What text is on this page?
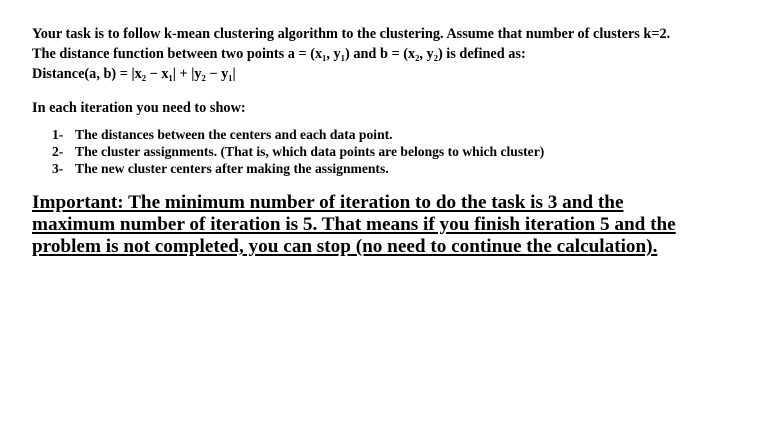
Your task is to follow k-mean clustering algorithm to the clustering. Assume that number of clusters k=2.
The distance function between two points a = (x₁, y₁) and b = (x₂, y₂) is defined as:
Distance(a, b) = |x₂ − x₁| + |y₂ − y₁|
In each iteration you need to show:
1- The distances between the centers and each data point.
2- The cluster assignments. (That is, which data points are belongs to which cluster)
3- The new cluster centers after making the assignments.

Important: The minimum number of iteration to do the task is 3 and the

maximum number of iteration is 5. That means if you finish iteration 5 and the

problem is not completed, you can stop (no need to continue the calculation).
